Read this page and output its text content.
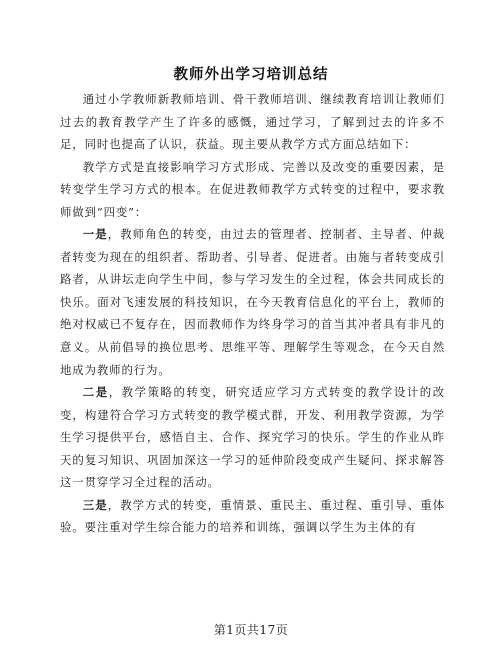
教师外出学习培训总结

通过小学教师新教师培训、骨干教师培训、继续教育培训让教师们过去的教育教学产生了许多的感慨，通过学习，了解到过去的许多不足，同时也提高了认识，获益。现主要从教学方式方面总结如下：

教学方式是直接影响学习方式形成、完善以及改变的重要因素，是转变学生学习方式的根本。在促进教师教学方式转变的过程中，要求教师做到“四变”：

一是，教师角色的转变，由过去的管理者、控制者、主导者、仲裁者转变为现在的组织者、帮助者、引导者、促进者。由施与者转变成引路者，从讲坛走向学生中间，参与学习发生的全过程，体会共同成长的快乐。面对飞速发展的科技知识，在今天教育信息化的平台上，教师的绝对权威已不复存在，因而教师作为终身学习的首当其冲者具有非凡的意义。从前倡导的换位思考、思维平等、理解学生等观念，在今天自然地成为教师的行为。

二是，教学策略的转变，研究适应学习方式转变的教学设计的改变，构建符合学习方式转变的教学模式群，开发、利用教学资源，为学生学习提供平台，感悟自主、合作、探究学习的快乐。学生的作业从昨天的复习知识、巩固加深这一学习的延伸阶段变成产生疑问、探求解答这一贯穿学习全过程的活动。

三是，教学方式的转变，重情景、重民主、重过程、重引导、重体验。要注重对学生综合能力的培养和训练，强调以学生为主体的有

第1页共17页
